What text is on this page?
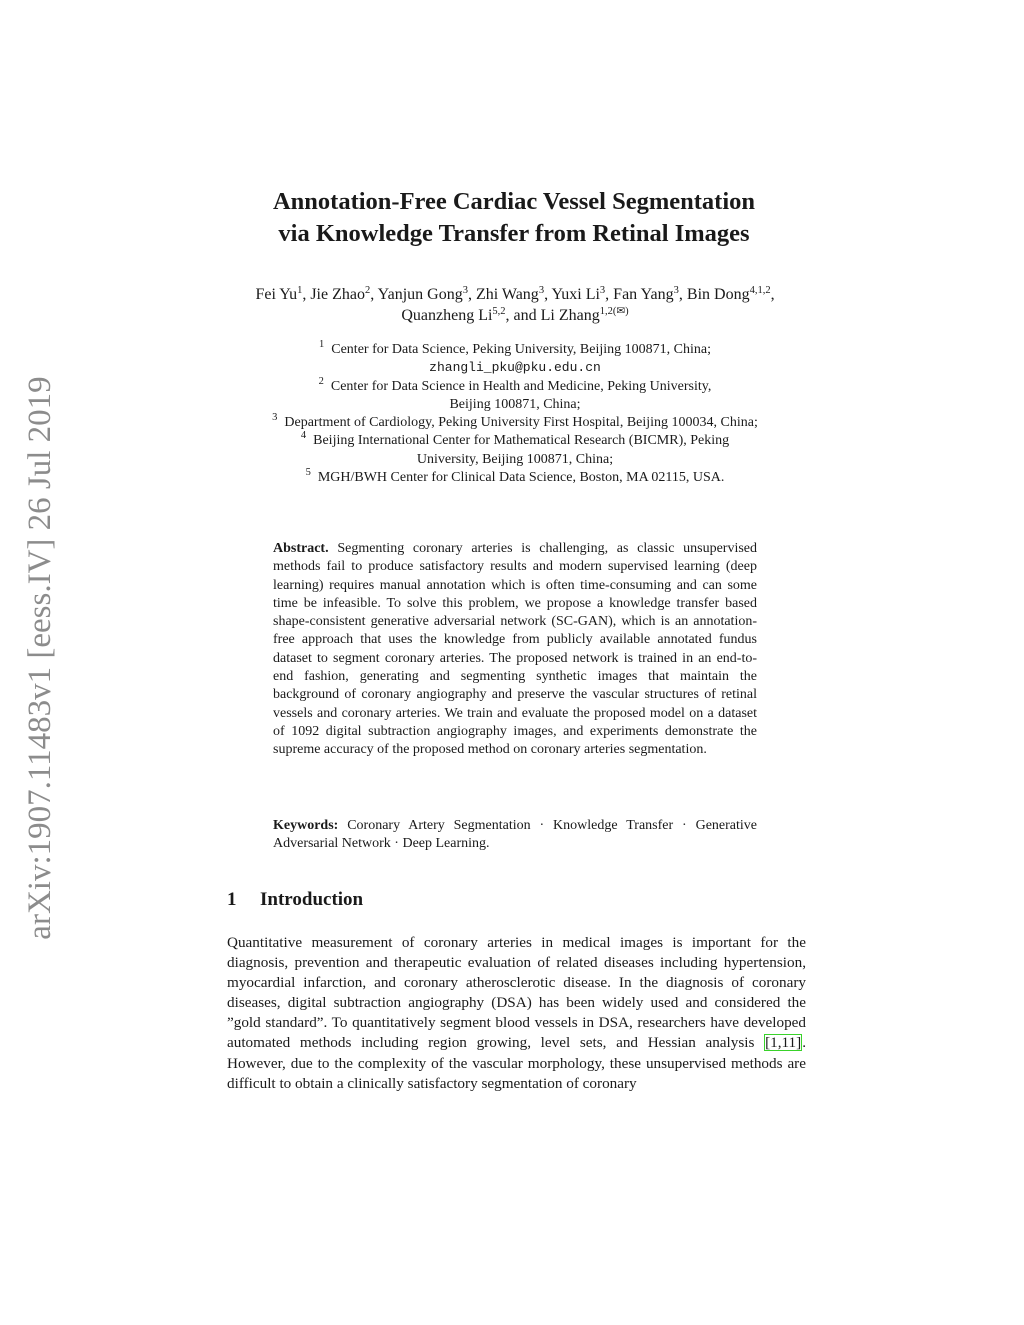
arXiv:1907.11483v1 [eess.IV] 26 Jul 2019
Annotation-Free Cardiac Vessel Segmentation
via Knowledge Transfer from Retinal Images
Fei Yu$^1$, Jie Zhao$^2$, Yanjun Gong$^3$, Zhi Wang$^3$, Yuxi Li$^3$, Fan Yang$^3$, Bin Dong$^{4,1,2}$, Quanzheng Li$^{5,2}$, and Li Zhang$^{1,2(✉)}$
$^1$ Center for Data Science, Peking University, Beijing 100871, China;
zhangli_pku@pku.edu.cn
$^2$ Center for Data Science in Health and Medicine, Peking University,
Beijing 100871, China;
$^3$ Department of Cardiology, Peking University First Hospital, Beijing 100034, China;
$^4$ Beijing International Center for Mathematical Research (BICMR), Peking
University, Beijing 100871, China;
$^5$ MGH/BWH Center for Clinical Data Science, Boston, MA 02115, USA.
Abstract. Segmenting coronary arteries is challenging, as classic unsupervised methods fail to produce satisfactory results and modern supervised learning (deep learning) requires manual annotation which is often time-consuming and can some time be infeasible. To solve this problem, we propose a knowledge transfer based shape-consistent generative adversarial network (SC-GAN), which is an annotation-free approach that uses the knowledge from publicly available annotated fundus dataset to segment coronary arteries. The proposed network is trained in an end-to-end fashion, generating and segmenting synthetic images that maintain the background of coronary angiography and preserve the vascular structures of retinal vessels and coronary arteries. We train and evaluate the proposed model on a dataset of 1092 digital subtraction angiography images, and experiments demonstrate the supreme accuracy of the proposed method on coronary arteries segmentation.
Keywords: Coronary Artery Segmentation · Knowledge Transfer · Generative Adversarial Network · Deep Learning.
1 Introduction
Quantitative measurement of coronary arteries in medical images is important for the diagnosis, prevention and therapeutic evaluation of related diseases including hypertension, myocardial infarction, and coronary atherosclerotic disease. In the diagnosis of coronary diseases, digital subtraction angiography (DSA) has been widely used and considered the ”gold standard”. To quantitatively segment blood vessels in DSA, researchers have developed automated methods including region growing, level sets, and Hessian analysis [1,11]. However, due to the complexity of the vascular morphology, these unsupervised methods are difficult to obtain a clinically satisfactory segmentation of coronary
